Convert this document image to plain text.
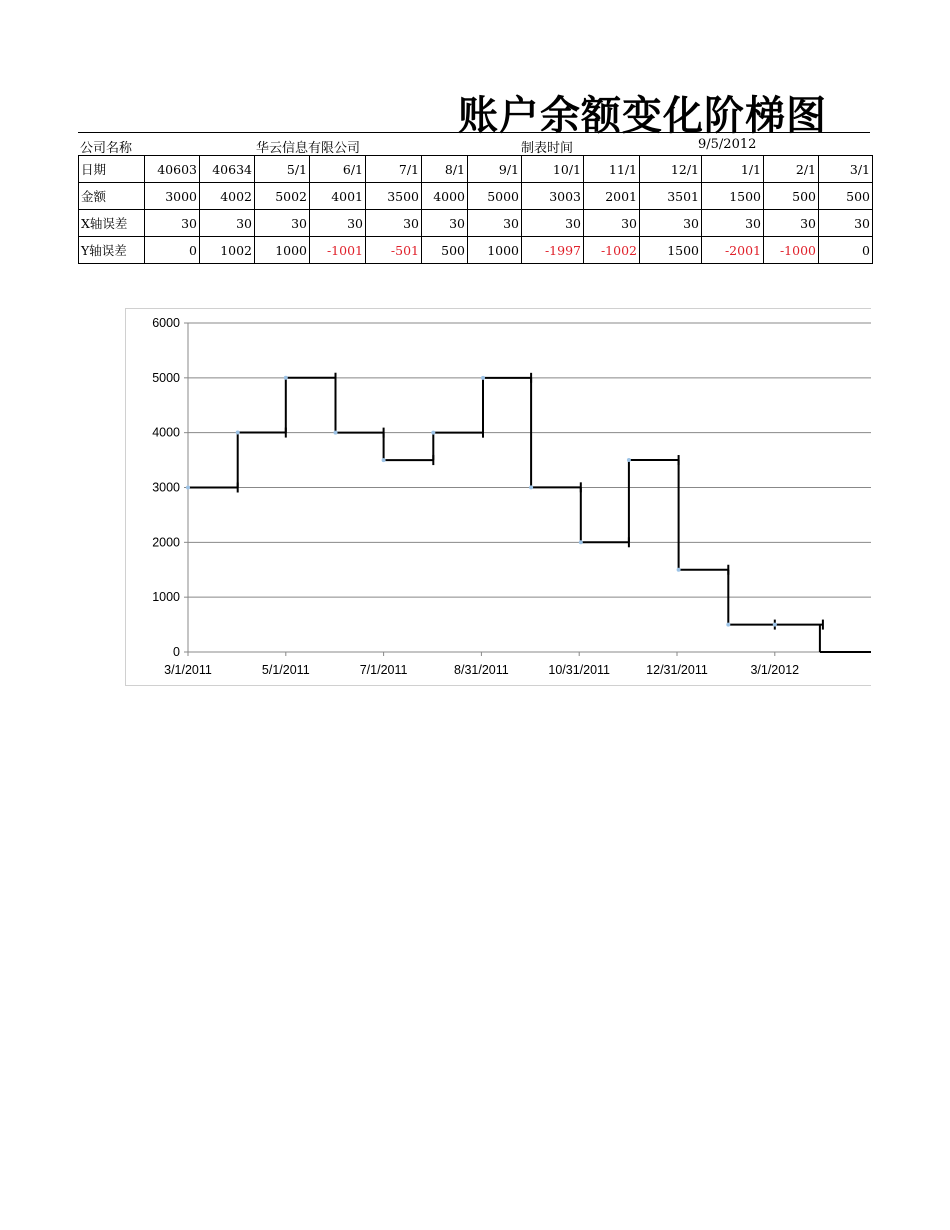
账户余额变化阶梯图
公司名称	华云信息有限公司	制表时间	9/5/2012
日期	40603	40634	5/1	6/1	7/1	8/1	9/1	10/1	11/1	12/1	1/1	2/1	3/1
金额	3000	4002	5002	4001	3500	4000	5000	3003	2001	3501	1500	500	500
X轴误差	30	30	30	30	30	30	30	30	30	30	30	30	30
Y轴误差	0	1002	1000	-1001	-501	500	1000	-1997	-1002	1500	-2001	-1000	0
0
1000
2000
3000
4000
5000
6000
3/1/2011	5/1/2011	7/1/2011	8/31/2011	10/31/2011	12/31/2011	3/1/2012
